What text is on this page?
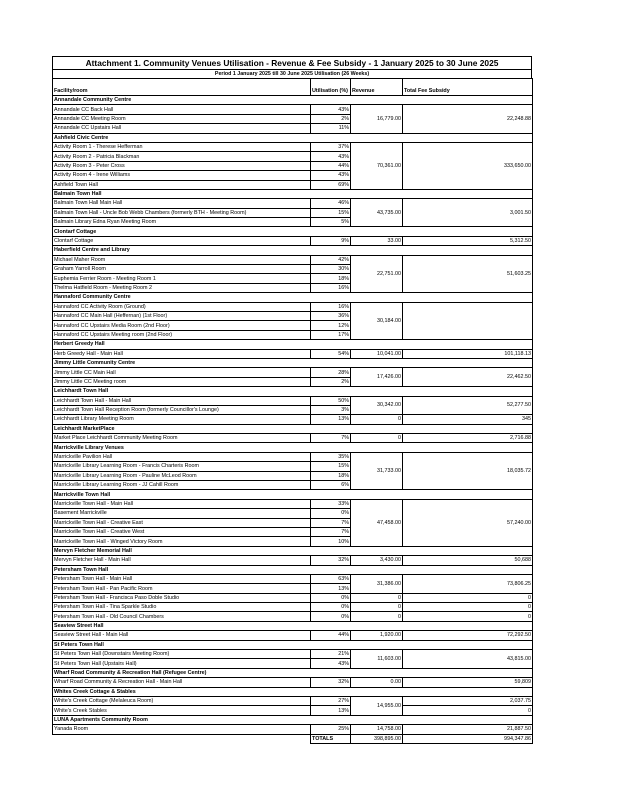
Attachment 1. Community Venues Utilisation - Revenue & Fee Subsidy - 1 January 2025 to 30 June 2025
Period 1 January 2025 till 30 June 2025 Utilisation (26 Weeks)
Facility/room	Utilisation (%)	Revenue	Total Fee Subsidy
Annandale Community Centre			
Annandale CC Back Hall	43%	16,779.00	22,248.88
Annandale CC Meeting Room	2%		
Annandale CC Upstairs Hall	11%		
Ashfield Civic Centre			
Activity Room 1 - Therese Hefferman	37%	70,361.00	333,650.00
Activity Room 2 - Patricia Blackman	43%		
Activity Room 3 - Peter Cross	44%		
Activity Room 4 - Irene Williams	43%		
Ashfield Town Hall	69%		
Balmain Town Hall			
Balmain Town Hall Main Hall	46%	43,735.00	3,001.50
Balmain Town Hall - Uncle Bob Webb Chambers (formerly BTH - Meeting Room)	15%		
Balmain Library Edna Ryan Meeting Room	5%		
Clontarf Cottage			
Clontarf Cottage	9%	33.00	5,312.50
Haberfield Centre and Library			
Michael Maher Room	42%	22,751.00	51,603.25
Graham Yarroll Room	30%		
Euphemia Ferrier Room - Meeting Room 1	18%		
Thelma Hatfield Room - Meeting Room 2	16%		
Hannaford Community Centre			
Hannaford CC Activity Room (Ground)	16%	30,184.00	
Hannaford CC Main Hall (Heffernan) (1st Floor)	36%		
Hannaford CC Upstairs Media Room (2nd Floor)	12%		
Hannaford CC Upstairs Meeting room (2nd Floor)	17%		
Herbert Greedy Hall			
Herb Greedy Hall - Main Hall	54%	10,041.00	101,118.13
Jimmy Little Community Centre			
Jimmy Little CC Main Hall	28%	17,426.00	22,462.50
Jimmy Little CC Meeting room	2%		
Leichhardt Town Hall			
Leichhardt Town Hall - Main Hall	50%	30,342.00	52,277.50
Leichhardt Town Hall Reception Room (formerly Councillor's Lounge)	3%		
Leichhardt Library Meeting Room	13%	0	345
Leichhardt MarketPlace			
Market Place Leichhardt Community Meeting Room	7%	0	2,716.88
Marrickville Library Venues			
Marrickville Pavilion Hall	35%	31,733.00	18,035.72
Marrickville Library Learning Room - Francis Charteris Room	15%		
Marrickville Library Learning Room - Pauline McLeod Room	18%		
Marrickville Library Learning Room - JJ Cahill Room	6%		
Marrickville Town Hall			
Marrickville Town Hall - Main Hall	33%	47,458.00	57,240.00
Basement Marrickville	0%		
Marrickville Town Hall - Creative East	7%		
Marrickville Town Hall - Creative West	7%		
Marrickville Town Hall - Winged Victory Room	10%		
Mervyn Fletcher Memorial Hall			
Mervyn Fletcher Hall - Main Hall	32%	3,430.00	50,688
Petersham Town Hall			
Petersham Town Hall - Main Hall	63%	31,386.00	73,806.25
Petersham Town Hall - Pan Pacific Room	13%		
Petersham Town Hall - Francisca Paso Doble Studio	0%	0	0
Petersham Town Hall - Tina Sparkle Studio	0%	0	0
Petersham Town Hall - Old Council Chambers	0%	0	0
Seaview Street Hall			
Seaview Street Hall - Main Hall	44%	1,920.00	72,292.50
St Peters Town Hall			
St Peters Town Hall (Downstairs Meeting Room)	21%	11,603.00	43,815.00
St Peters Town Hall (Upstairs Hall)	43%		
Wharf Road Community & Recreation Hall (Refugee Centre)			
Wharf Road Community & Recreation Hall - Main Hall	32%	0.00	59,809
Whites Creek Cottage & Stables			
White's Creek Cottage (Melaleuca Room)	27%	14,955.00	2,037.75
White's Creek Stables	13%		0
LUNA Apartments Community Room			
Yanada Room	25%	14,758.00	21,887.50
	TOTALS	398,895.00	994,347.86
